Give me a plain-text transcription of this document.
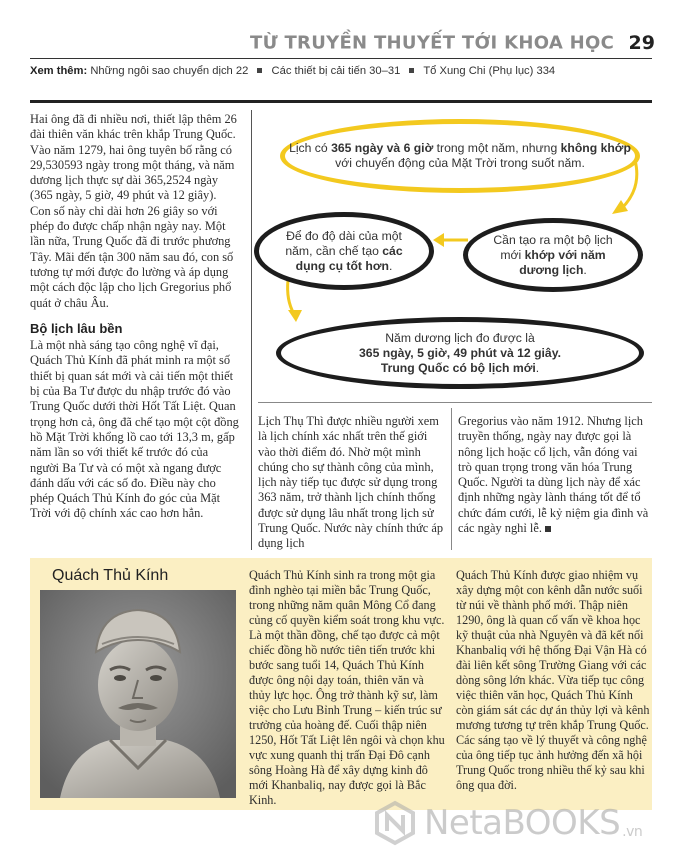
TỪ TRUYỀN THUYẾT TỚI KHOA HỌC 29
Xem thêm: Những ngôi sao chuyển dịch 22 Các thiết bị cải tiến 30–31 Tổ Xung Chi (Phụ lục) 334

Hai ông đã đi nhiều nơi, thiết lập thêm 26 đài thiên văn khác trên khắp Trung Quốc. Vào năm 1279, hai ông tuyên bố rằng có 29,530593 ngày trong một tháng, và năm dương lịch thực sự dài 365,2524 ngày (365 ngày, 5 giờ, 49 phút và 12 giây). Con số này chỉ dài hơn 26 giây so với phép đo được chấp nhận ngày nay. Một lần nữa, Trung Quốc đã đi trước phương Tây. Mãi đến tận 300 năm sau đó, con số tương tự mới được đo lường và áp dụng một cách độc lập cho lịch Gregorius phổ quát ở châu Âu.

Bộ lịch lâu bền

Là một nhà sáng tạo công nghệ vĩ đại, Quách Thủ Kính đã phát minh ra một số thiết bị quan sát mới và cải tiến một thiết bị của Ba Tư được du nhập trước đó vào Trung Quốc dưới thời Hốt Tất Liệt. Quan trọng hơn cả, ông đã chế tạo một cột đồng hồ Mặt Trời khổng lồ cao tới 13,3 m, gấp năm lần so với thiết kế trước đó của người Ba Tư và có một xà ngang được đánh dấu với các số đo. Điều này cho phép Quách Thủ Kính đo góc của Mặt Trời với độ chính xác cao hơn hẳn.

Lịch có 365 ngày và 6 giờ trong một năm, nhưng không khớp với chuyển động của Mặt Trời trong suốt năm.
Để đo độ dài của một năm, cần chế tạo các dụng cụ tốt hơn.
Cần tạo ra một bộ lịch mới khớp với năm dương lịch.
Năm dương lịch đo được là
365 ngày, 5 giờ, 49 phút và 12 giây.
Trung Quốc có bộ lịch mới.

Lịch Thụ Thì được nhiều người xem là lịch chính xác nhất trên thế giới vào thời điểm đó. Nhờ một mình chúng cho sự thành công của mình, lịch này tiếp tục được sử dụng trong 363 năm, trở thành lịch chính thống được sử dụng lâu nhất trong lịch sử Trung Quốc. Nước này chính thức áp dụng lịch

Gregorius vào năm 1912. Nhưng lịch truyền thống, ngày nay được gọi là nông lịch hoặc cổ lịch, vẫn đóng vai trò quan trọng trong văn hóa Trung Quốc. Người ta dùng lịch này để xác định những ngày lành tháng tốt để tổ chức đám cưới, lễ kỷ niệm gia đình và các ngày nghỉ lễ.

Quách Thủ Kính	Quách Thủ Kính sinh ra trong một gia đình nghèo tại miền bắc Trung Quốc, trong những năm quân Mông Cổ đang củng cố quyền kiểm soát trong khu vực. Là một thần đồng, chế tạo được cả một chiếc đồng hồ nước tiên tiến trước khi bước sang tuổi 14, Quách Thủ Kính được ông nội dạy toán, thiên văn và thủy lực học. Ông trở thành kỹ sư, làm việc cho Lưu Bỉnh Trung – kiến trúc sư trưởng của hoàng đế. Cuối thập niên 1250, Hốt Tất Liệt lên ngôi và chọn khu vực xung quanh thị trấn Đại Đô cạnh sông Hoàng Hà để xây dựng kinh đô mới Khanbaliq, nay được gọi là Bắc Kinh.

Quách Thủ Kính được giao nhiệm vụ xây dựng một con kênh dẫn nước suối từ núi về thành phố mới. Thập niên 1290, ông là quan cố vấn về khoa học kỹ thuật của nhà Nguyên và đã kết nối Khanbaliq với hệ thống Đại Vận Hà có đài liên kết sông Trường Giang với các dòng sông lớn khác. Vừa tiếp tục công việc thiên văn học, Quách Thủ Kính còn giám sát các dự án thủy lợi và kênh mương tương tự trên khắp Trung Quốc. Các sáng tạo về lý thuyết và công nghệ của ông tiếp tục ảnh hưởng đến xã hội Trung Quốc trong nhiều thế kỷ sau khi ông qua đời.

NetaBOOKS .vn
